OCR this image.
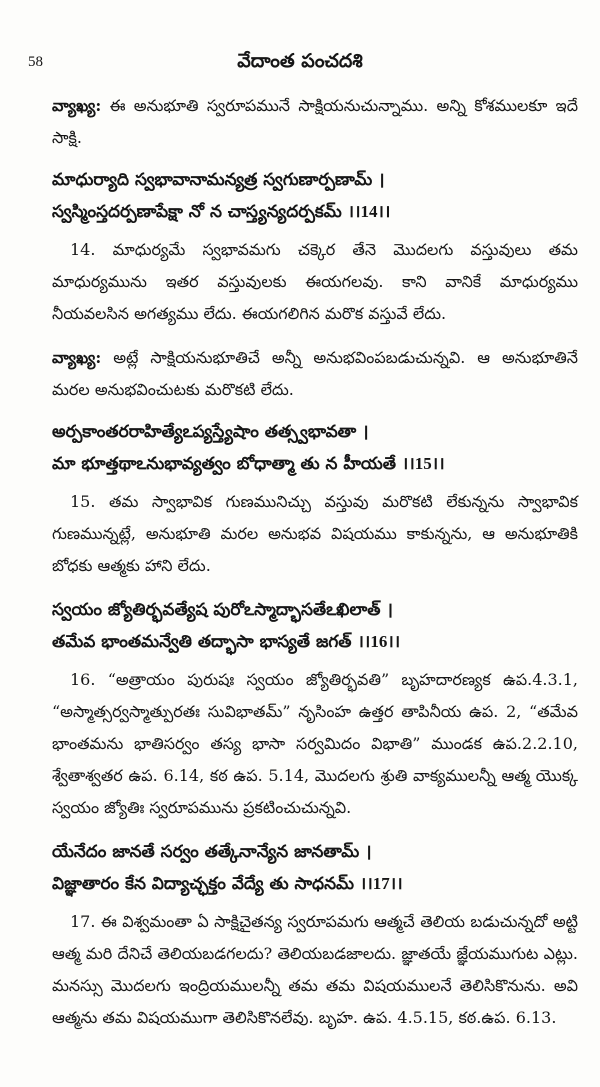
58	వేదాంత పంచదశి

వ్యాఖ్య: ఈ అనుభూతి స్వరూపమునే సాక్షియనుచున్నాము. అన్ని కోశములకూ ఇదే సాక్షి.

మాధుర్యాది స్వభావానామన్యత్ర స్వగుణార్పణామ్ ।

స్వస్మింస్తదర్పణాపేక్షా నో న చాస్త్యన్యదర్పకమ్ ।।14।।

14. మాధుర్యమే స్వభావమగు చక్కెర తేనె మొదలగు వస్తువులు తమ మాధుర్యమును ఇతర వస్తువులకు ఈయగలవు. కాని వానికే మాధుర్యము నీయవలసిన అగత్యము లేదు. ఈయగలిగిన మరొక వస్తువే లేదు.

వ్యాఖ్య: అట్లే సాక్షియనుభూతిచే అన్నీ అనుభవింపబడుచున్నవి. ఆ అనుభూతినే మరల అనుభవించుటకు మరొకటి లేదు.

అర్పకాంతరరాహిత్యేఽప్యస్త్యేషాం తత్స్వభావతా ।

మా భూత్తథాఽనుభావ్యత్వం బోధాత్మా తు న హీయతే ।।15।।

15. తమ స్వాభావిక గుణమునిచ్చు వస్తువు మరొకటి లేకున్నను స్వాభావిక గుణమున్నట్లే, అనుభూతి మరల అనుభవ విషయము కాకున్నను, ఆ అనుభూతికి బోధకు ఆత్మకు హాని లేదు.

స్వయం జ్యోతిర్భవత్యేష పురోఽస్మాద్భాసతేఽఖిలాత్ ।

తమేవ భాంతమన్వేతి తద్భాసా భాస్యతే జగత్ ।।16।।

16. “అత్రాయం పురుషః స్వయం జ్యోతిర్భవతి” బృహదారణ్యక ఉప.4.3.1, “అస్మాత్సర్వస్మాత్పురతః సువిభాతమ్” నృసింహ ఉత్తర తాపినీయ ఉప. 2, “తమేవ భాంతమను భాతిసర్వం తస్య భాసా సర్వమిదం విభాతి” ముండక ఉప.2.2.10, శ్వేతాశ్వతర ఉప. 6.14, కఠ ఉప. 5.14, మొదలగు శ్రుతి వాక్యములన్నీ ఆత్మ యొక్క స్వయం జ్యోతిః స్వరూపమును ప్రకటించుచున్నవి.

యేనేదం జానతే సర్వం తత్కేనాన్యేన జానతామ్ ।

విజ్ఞాతారం కేన విద్యాచ్ఛక్తం వేద్యే తు సాధనమ్ ।।17।।

17. ఈ విశ్వమంతా ఏ సాక్షిచైతన్య స్వరూపమగు ఆత్మచే తెలియ బడుచున్నదో అట్టి ఆత్మ మరి దేనిచే తెలియబడగలదు? తెలియబడజాలదు. జ్ఞాతయే జ్ఞేయముగుట ఎట్లు. మనస్సు మొదలగు ఇంద్రియములన్నీ తమ తమ విషయములనే తెలిసికొనును. అవి ఆత్మను తమ విషయముగా తెలిసికొనలేవు. బృహ. ఉప. 4.5.15, కఠ.ఉప. 6.13.
